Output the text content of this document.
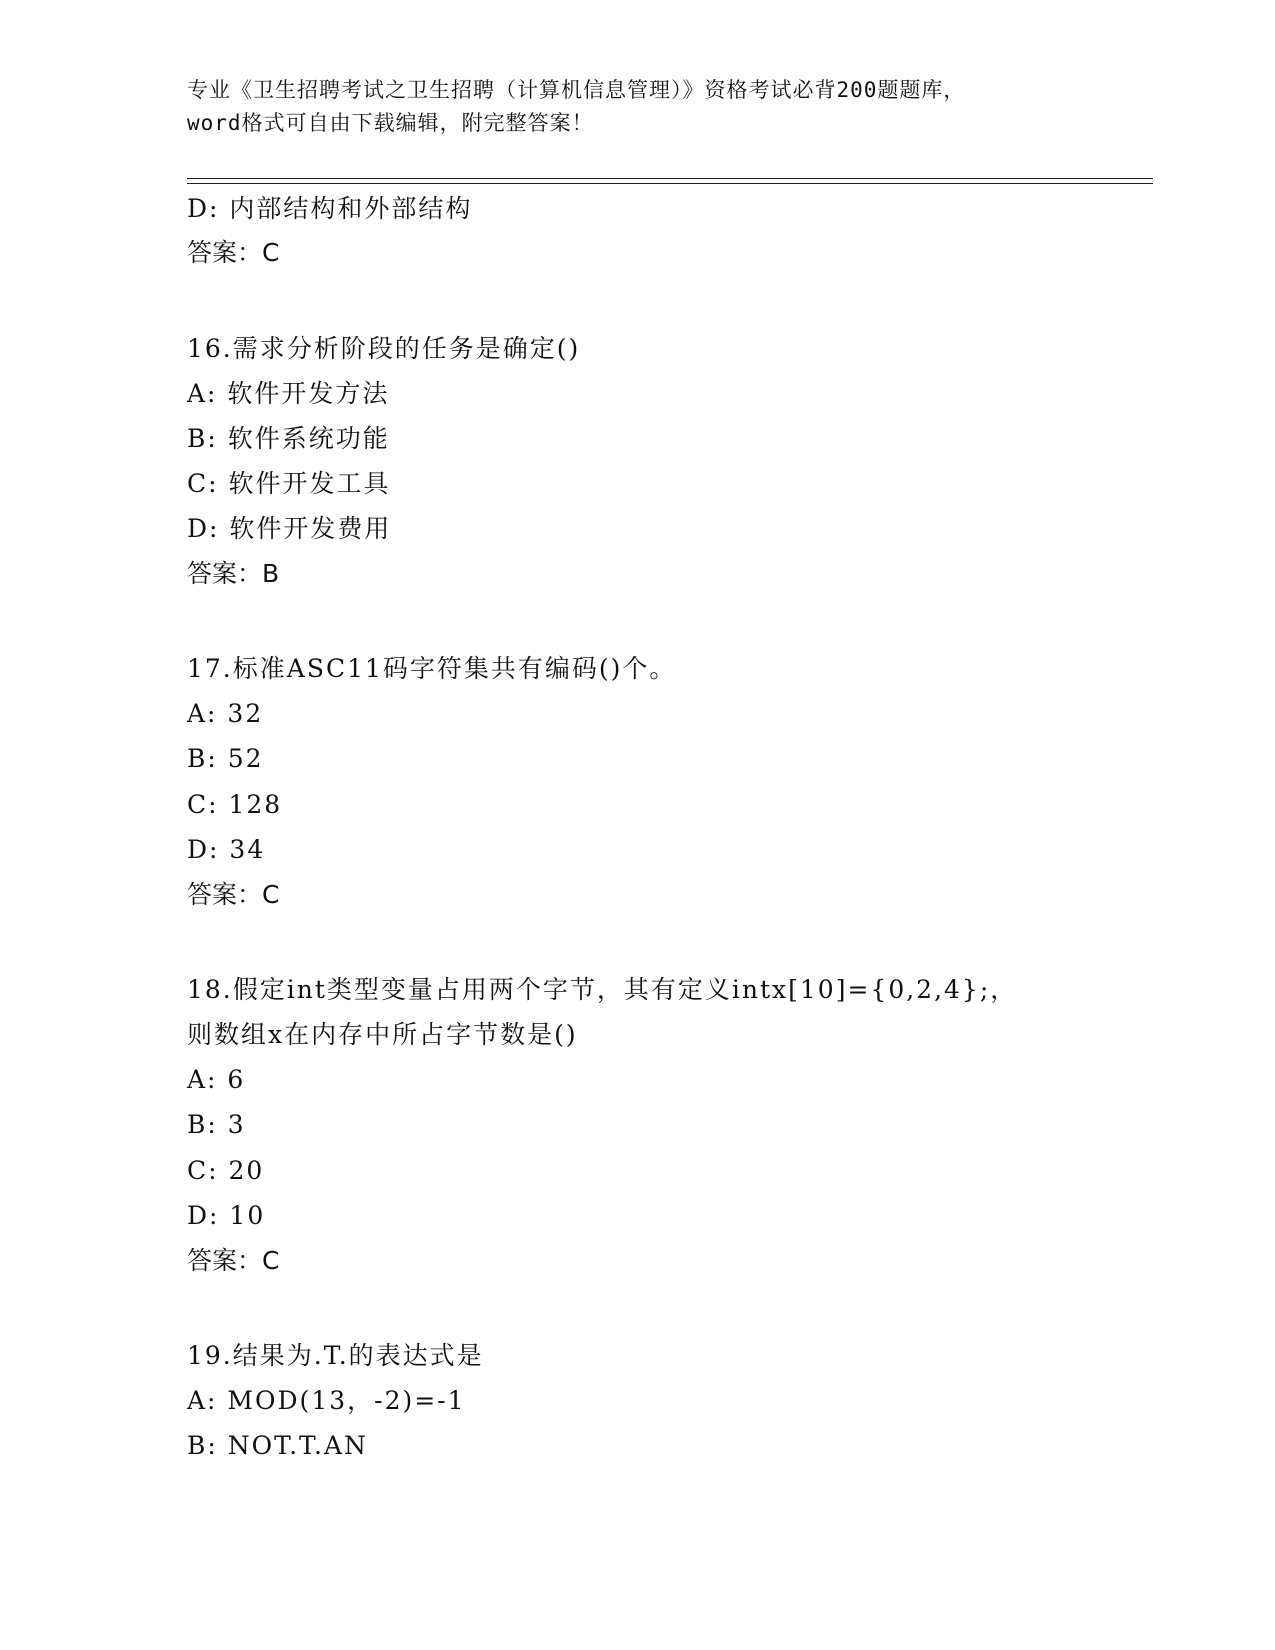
专业《卫生招聘考试之卫生招聘（计算机信息管理）》资格考试必背200题题库，
word格式可自由下载编辑，附完整答案！
D: 内部结构和外部结构
答案：C
16.需求分析阶段的任务是确定()
A: 软件开发方法
B: 软件系统功能
C: 软件开发工具
D: 软件开发费用
答案：B
17.标准ASC11码字符集共有编码()个。
A: 32
B: 52
C: 128
D: 34
答案：C
18.假定int类型变量占用两个字节，其有定义intx[10]={0,2,4};，
则数组x在内存中所占字节数是()
A: 6
B: 3
C: 20
D: 10
答案：C
19.结果为.T.的表达式是
A: MOD(13，-2)=-1
B: NOT.T.AN
